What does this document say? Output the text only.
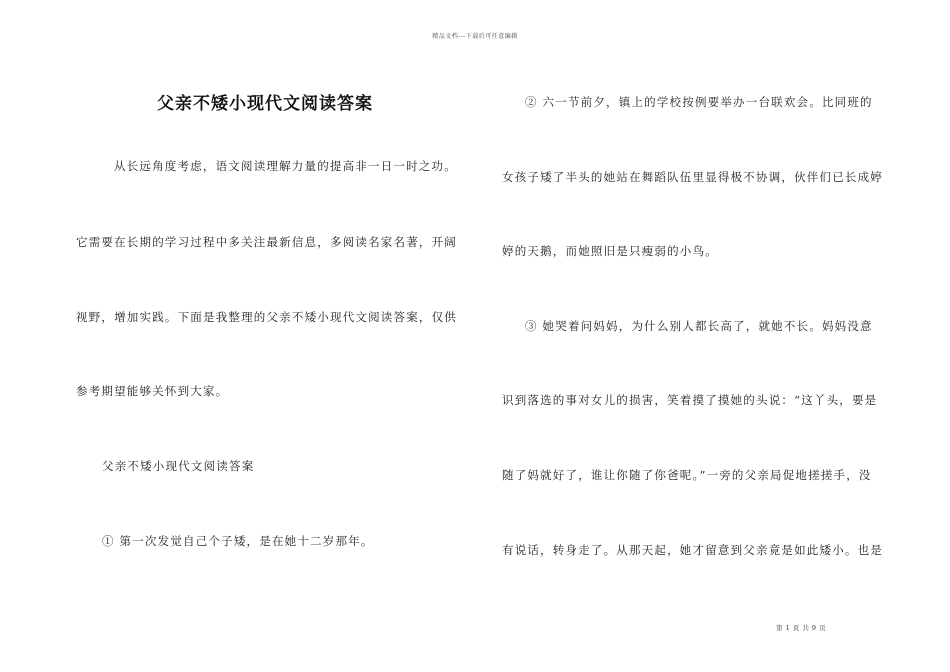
精品文档---下载后可任意编辑
父亲不矮小现代文阅读答案
从长远角度考虑，语文阅读理解力量的提高非一日一时之功。
它需要在长期的学习过程中多关注最新信息，多阅读名家名著，开阔
视野，增加实践。下面是我整理的父亲不矮小现代文阅读答案，仅供
参考期望能够关怀到大家。
父亲不矮小现代文阅读答案
① 第一次发觉自己个子矮，是在她十二岁那年。
② 六一节前夕，镇上的学校按例要举办一台联欢会。比同班的
女孩子矮了半头的她站在舞蹈队伍里显得极不协调，伙伴们已长成婷
婷的天鹅，而她照旧是只瘦弱的小鸟。
③ 她哭着问妈妈，为什么别人都长高了，就她不长。妈妈没意
识到落选的事对女儿的损害，笑着摸了摸她的头说：“这丫头，要是
随了妈就好了，谁让你随了你爸呢。”一旁的父亲局促地搓搓手，没
有说话，转身走了。从那天起，她才留意到父亲竟是如此矮小。也是
第 1 页 共 9 页
